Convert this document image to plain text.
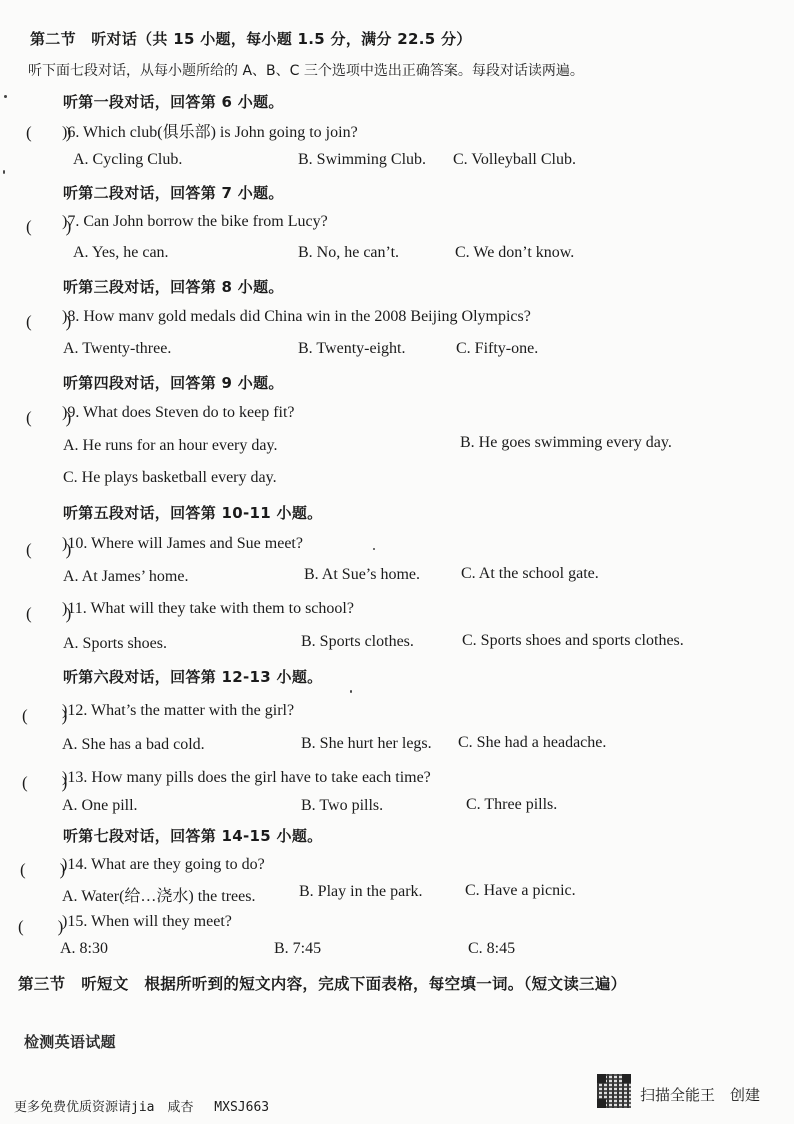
第二节　听对话（共 15 小题，每小题 1.5 分，满分 22.5 分）
听下面七段对话，从每小题所给的 A、B、C 三个选项中选出正确答案。每段对话读两遍。
听第一段对话，回答第 6 小题。
(　　)
)6. Which club(俱乐部) is John going to join?
A. Cycling Club.	B. Swimming Club. C. Volleyball Club.
听第二段对话，回答第 7 小题。
(　　)
)7. Can John borrow the bike from Lucy?
A. Yes, he can.	B. No, he can’t.	C. We don’t know.
听第三段对话，回答第 8 小题。
(　　)
)8. How manv gold medals did China win in the 2008 Beijing Olympics?
A. Twenty-three.	B. Twenty-eight.	C. Fifty-one.
听第四段对话，回答第 9 小题。
(　　)
)9. What does Steven do to keep fit?
A. He runs for an hour every day.	B. He goes swimming every day.
C. He plays basketball every day.
听第五段对话，回答第 10-11 小题。
(　　)
)10. Where will James and Sue meet?
A. At James’ home.	B. At Sue’s home.	C. At the school gate.
(　　)
)11. What will they take with them to school?
A. Sports shoes.	B. Sports clothes.	C. Sports shoes and sports clothes.
听第六段对话，回答第 12-13 小题。
(　　)
)12. What’s the matter with the girl?
A. She has a bad cold.	B. She hurt her legs. C. She had a headache.
(　　)
)13. How many pills does the girl have to take each time?
A. One pill.	B. Two pills.	C. Three pills.
听第七段对话，回答第 14-15 小题。
(　　)
)14. What are they going to do?
A. Water(给…浇水) the trees.	B. Play in the park.	C. Have a picnic.
(　　)
)15. When will they meet?
A. 8:30	B. 7:45	C. 8:45
第三节　听短文　根据所听到的短文内容，完成下面表格，每空填一词。（短文读三遍）
检测英语试题
更多免费优质资源请jia　咸杏　 MXSJ663
扫描全能王　创建
